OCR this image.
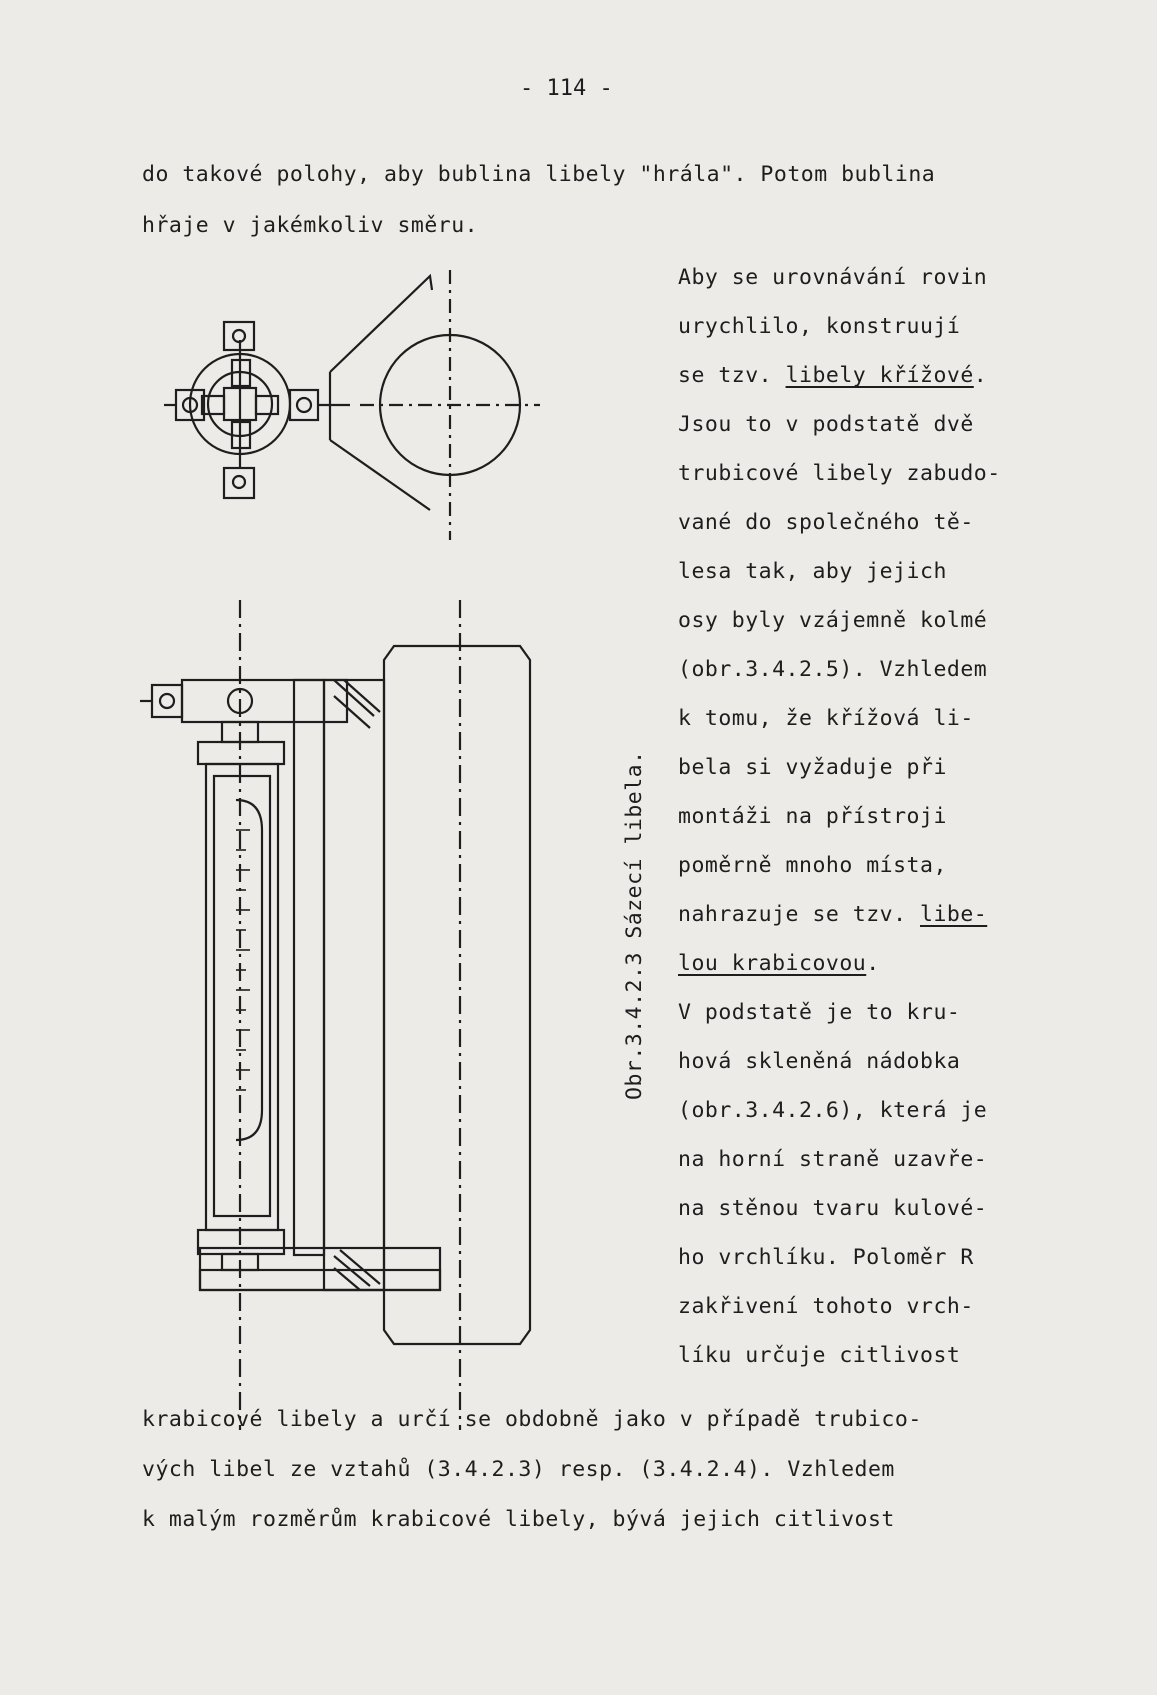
- 114 -
do takové polohy, aby bublina libely "hrála". Potom bublina
hřaje v jakémkoliv směru.
Aby se urovnávání rovin
urychlilo, konstruují
se tzv. libely křížové.
Jsou to v podstatě dvě
trubicové libely zabudo-
vané do společného tě-
lesa tak, aby jejich
osy byly vzájemně kolmé
(obr.3.4.2.5). Vzhledem
k tomu, že křížová li-
bela si vyžaduje při
montáži na přístroji
poměrně mnoho místa,
nahrazuje se tzv. libe-
lou krabicovou.
V podstatě je to kru-
hová skleněná nádobka
(obr.3.4.2.6), která je
na horní straně uzavře-
na stěnou tvaru kulové-
ho vrchlíku. Poloměr R
zakřivení tohoto vrch-
líku určuje citlivost
krabicové libely a určí se obdobně jako v případě trubico-
vých libel ze vztahů (3.4.2.3) resp. (3.4.2.4). Vzhledem
k malým rozměrům krabicové libely, bývá jejich citlivost
Obr.3.4.2.3 Sázecí libela.
